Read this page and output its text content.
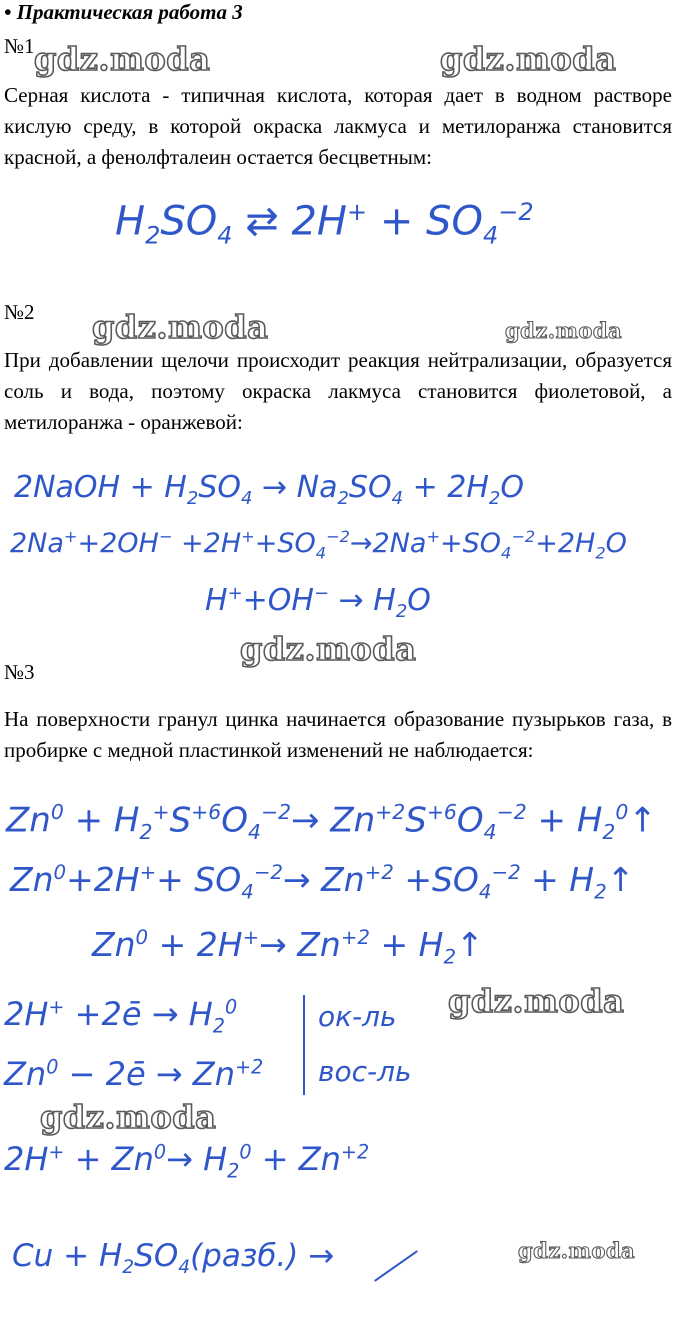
• Практическая работа 3
№1 gdz.moda	gdz.moda
Серная кислота - типичная кислота, которая дает в водном растворе кислую среду, в которой окраска лакмуса и метилоранжа становится красной, а фенолфталеин остается бесцветным:
$H_2SO_4$ ⇄ $2H^+ + SO_4^{-2}$
№2 gdz.moda	gdz.moda
При добавлении щелочи происходит реакция нейтрализации, образуется соль и вода, поэтому окраска лакмуса становится фиолетовой, а метилоранжа - оранжевой:
2NaOH + $H_2SO_4 \to Na_2SO_4 + 2H_2O$
$2Na^++2OH^- +2H^++SO_4^{-2}\to 2Na^++SO_4^{-2}+2H_2O$
$H^++OH^- \to H_2O$
gdz.moda
№3
На поверхности гранул цинка начинается образование пузырьков газа, в пробирке с медной пластинкой изменений не наблюдается:
$Zn^0 + H_2^+S^{+6}O_4^{-2}\to Zn^{+2}S^{+6}O_4^{-2}$ + $H_2^0↑$
$Zn^0+2H^++ SO_4^{-2}\to Zn^{+2} +SO_4^{-2}$ + $H_2↑$
$Zn^0 + 2H^+\to Zn^{+2}$ + $H_2↑$
gdz.moda
2H+ +2ē → $H_2^0$	ок-ль
$Zn^0$ − 2ē → $Zn^{+2}$ вос-ль
gdz.moda
$2H^+ + Zn^0\to H_2^0 + Zn^{+2}$
$Cu + H_2SO_4(разб.)$ →	gdz.moda
